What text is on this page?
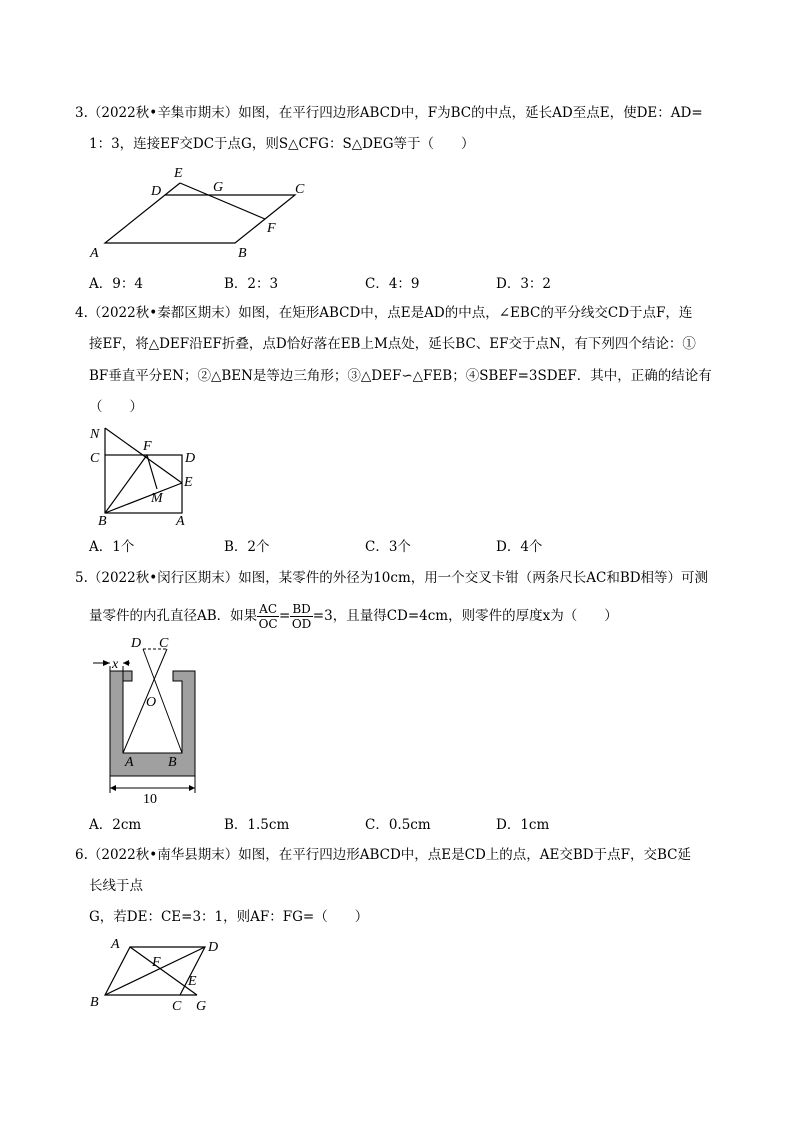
3.（2022秋•辛集市期末）如图，在平行四边形ABCD中，F为BC的中点，延长AD至点E，使DE：AD=
1：3，连接EF交DC于点G，则S△CFG：S△DEG等于（　　）
A	B
C
D
E
F
G
A．9：4	B．2：3	C．4：9	D．3：2
4.（2022秋•秦都区期末）如图，在矩形ABCD中，点E是AD的中点，∠EBC的平分线交CD于点F，连
接EF，将△DEF沿EF折叠，点D恰好落在EB上M点处，延长BC、EF交于点N，有下列四个结论：①
BF垂直平分EN；②△BEN是等边三角形；③△DEF∽△FEB；④SBEF=3SDEF．其中，正确的结论有
（　　）
N
F
C	D
E
M
B	A
A．1个	B．2个	C．3个	D．4个
5.（2022秋•闵行区期末）如图，某零件的外径为10cm，用一个交叉卡钳（两条尺长AC和BD相等）可测
量零件的内孔直径AB．如果 $\frac{AC}{OC} = \frac{BD}{OD} =3$，且量得CD=4cm，则零件的厚度x为（　　）
D C
x
O
A B
10
A．2cm	B．1.5cm	C．0.5cm	D．1cm
6.（2022秋•南华县期末）如图，在平行四边形ABCD中，点E是CD上的点，AE交BD于点F，交BC延
长线于点
G，若DE：CE=3：1，则AF：FG=（　　）
A	D
F
E
B	C G
